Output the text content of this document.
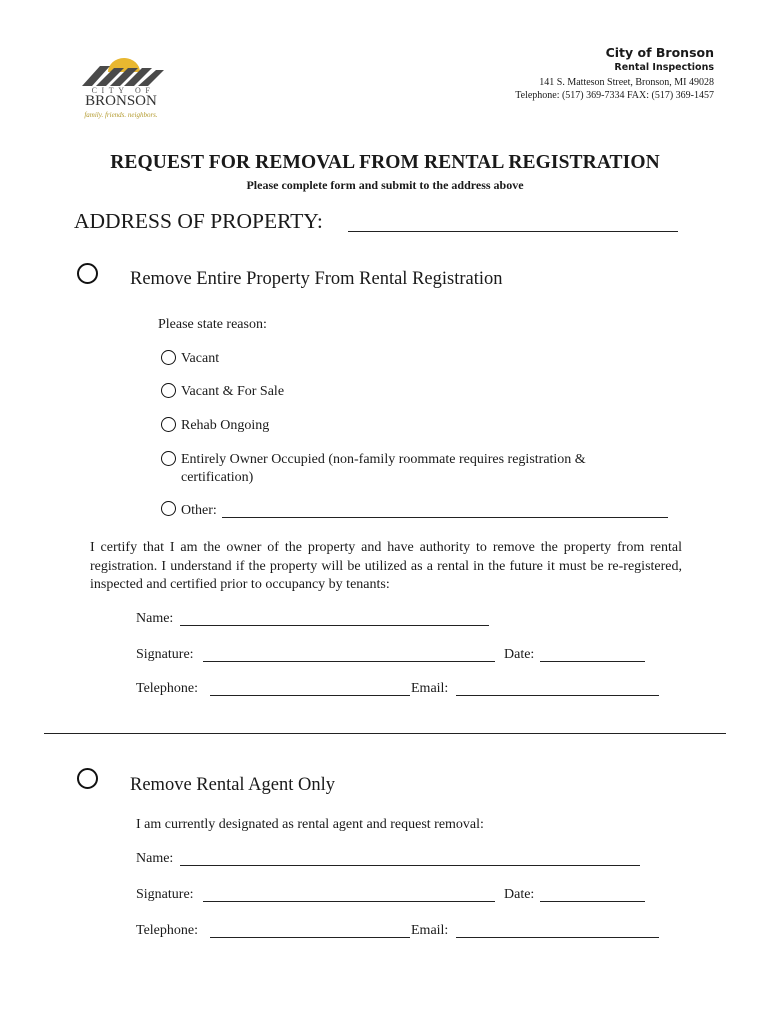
CITY OF
BRONSON
family. friends. neighbors.
City of Bronson
Rental Inspections
141 S. Matteson Street, Bronson, MI 49028
Telephone: (517) 369-7334 FAX: (517) 369-1457
REQUEST FOR REMOVAL FROM RENTAL REGISTRATION
Please complete form and submit to the address above
ADDRESS OF PROPERTY:
Remove Entire Property From Rental Registration
Please state reason:
Vacant
Vacant & For Sale
Rehab Ongoing
Entirely Owner Occupied (non-family roommate requires registration &
certification)
Other:
I certify that I am the owner of the property and have authority to remove the property from rental registration. I understand if the property will be utilized as a rental in the future it must be re-registered, inspected and certified prior to occupancy by tenants:
Name:
Signature:	Date:
Telephone:	Email:
Remove Rental Agent Only
I am currently designated as rental agent and request removal:
Name:
Signature:	Date:
Telephone:	Email:
